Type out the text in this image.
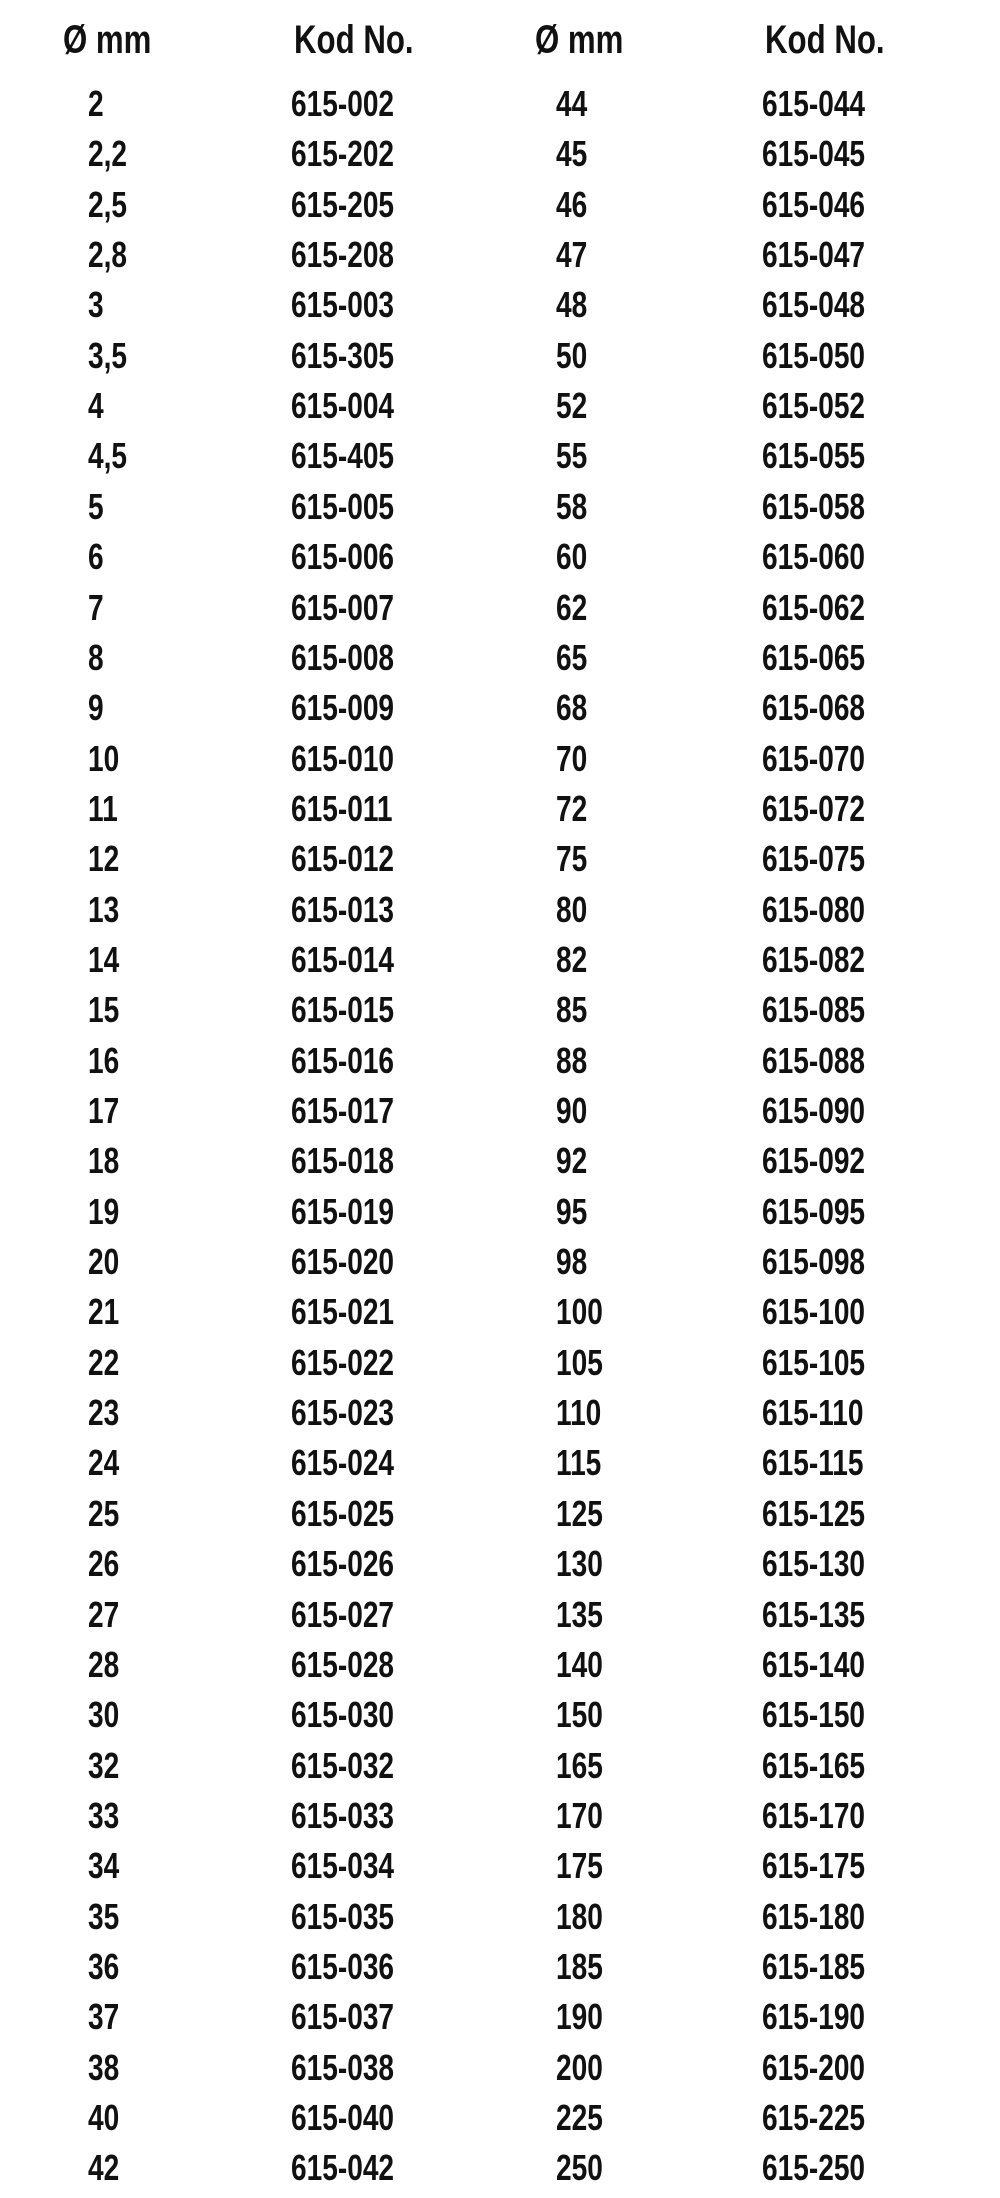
Ø mm	Kod No.	Ø mm	Kod No.
2	615-002	44	615-044
2,2	615-202	45	615-045
2,5	615-205	46	615-046
2,8	615-208	47	615-047
3	615-003	48	615-048
3,5	615-305	50	615-050
4	615-004	52	615-052
4,5	615-405	55	615-055
5	615-005	58	615-058
6	615-006	60	615-060
7	615-007	62	615-062
8	615-008	65	615-065
9	615-009	68	615-068
10	615-010	70	615-070
11	615-011	72	615-072
12	615-012	75	615-075
13	615-013	80	615-080
14	615-014	82	615-082
15	615-015	85	615-085
16	615-016	88	615-088
17	615-017	90	615-090
18	615-018	92	615-092
19	615-019	95	615-095
20	615-020	98	615-098
21	615-021	100	615-100
22	615-022	105	615-105
23	615-023	110	615-110
24	615-024	115	615-115
25	615-025	125	615-125
26	615-026	130	615-130
27	615-027	135	615-135
28	615-028	140	615-140
30	615-030	150	615-150
32	615-032	165	615-165
33	615-033	170	615-170
34	615-034	175	615-175
35	615-035	180	615-180
36	615-036	185	615-185
37	615-037	190	615-190
38	615-038	200	615-200
40	615-040	225	615-225
42	615-042	250	615-250
